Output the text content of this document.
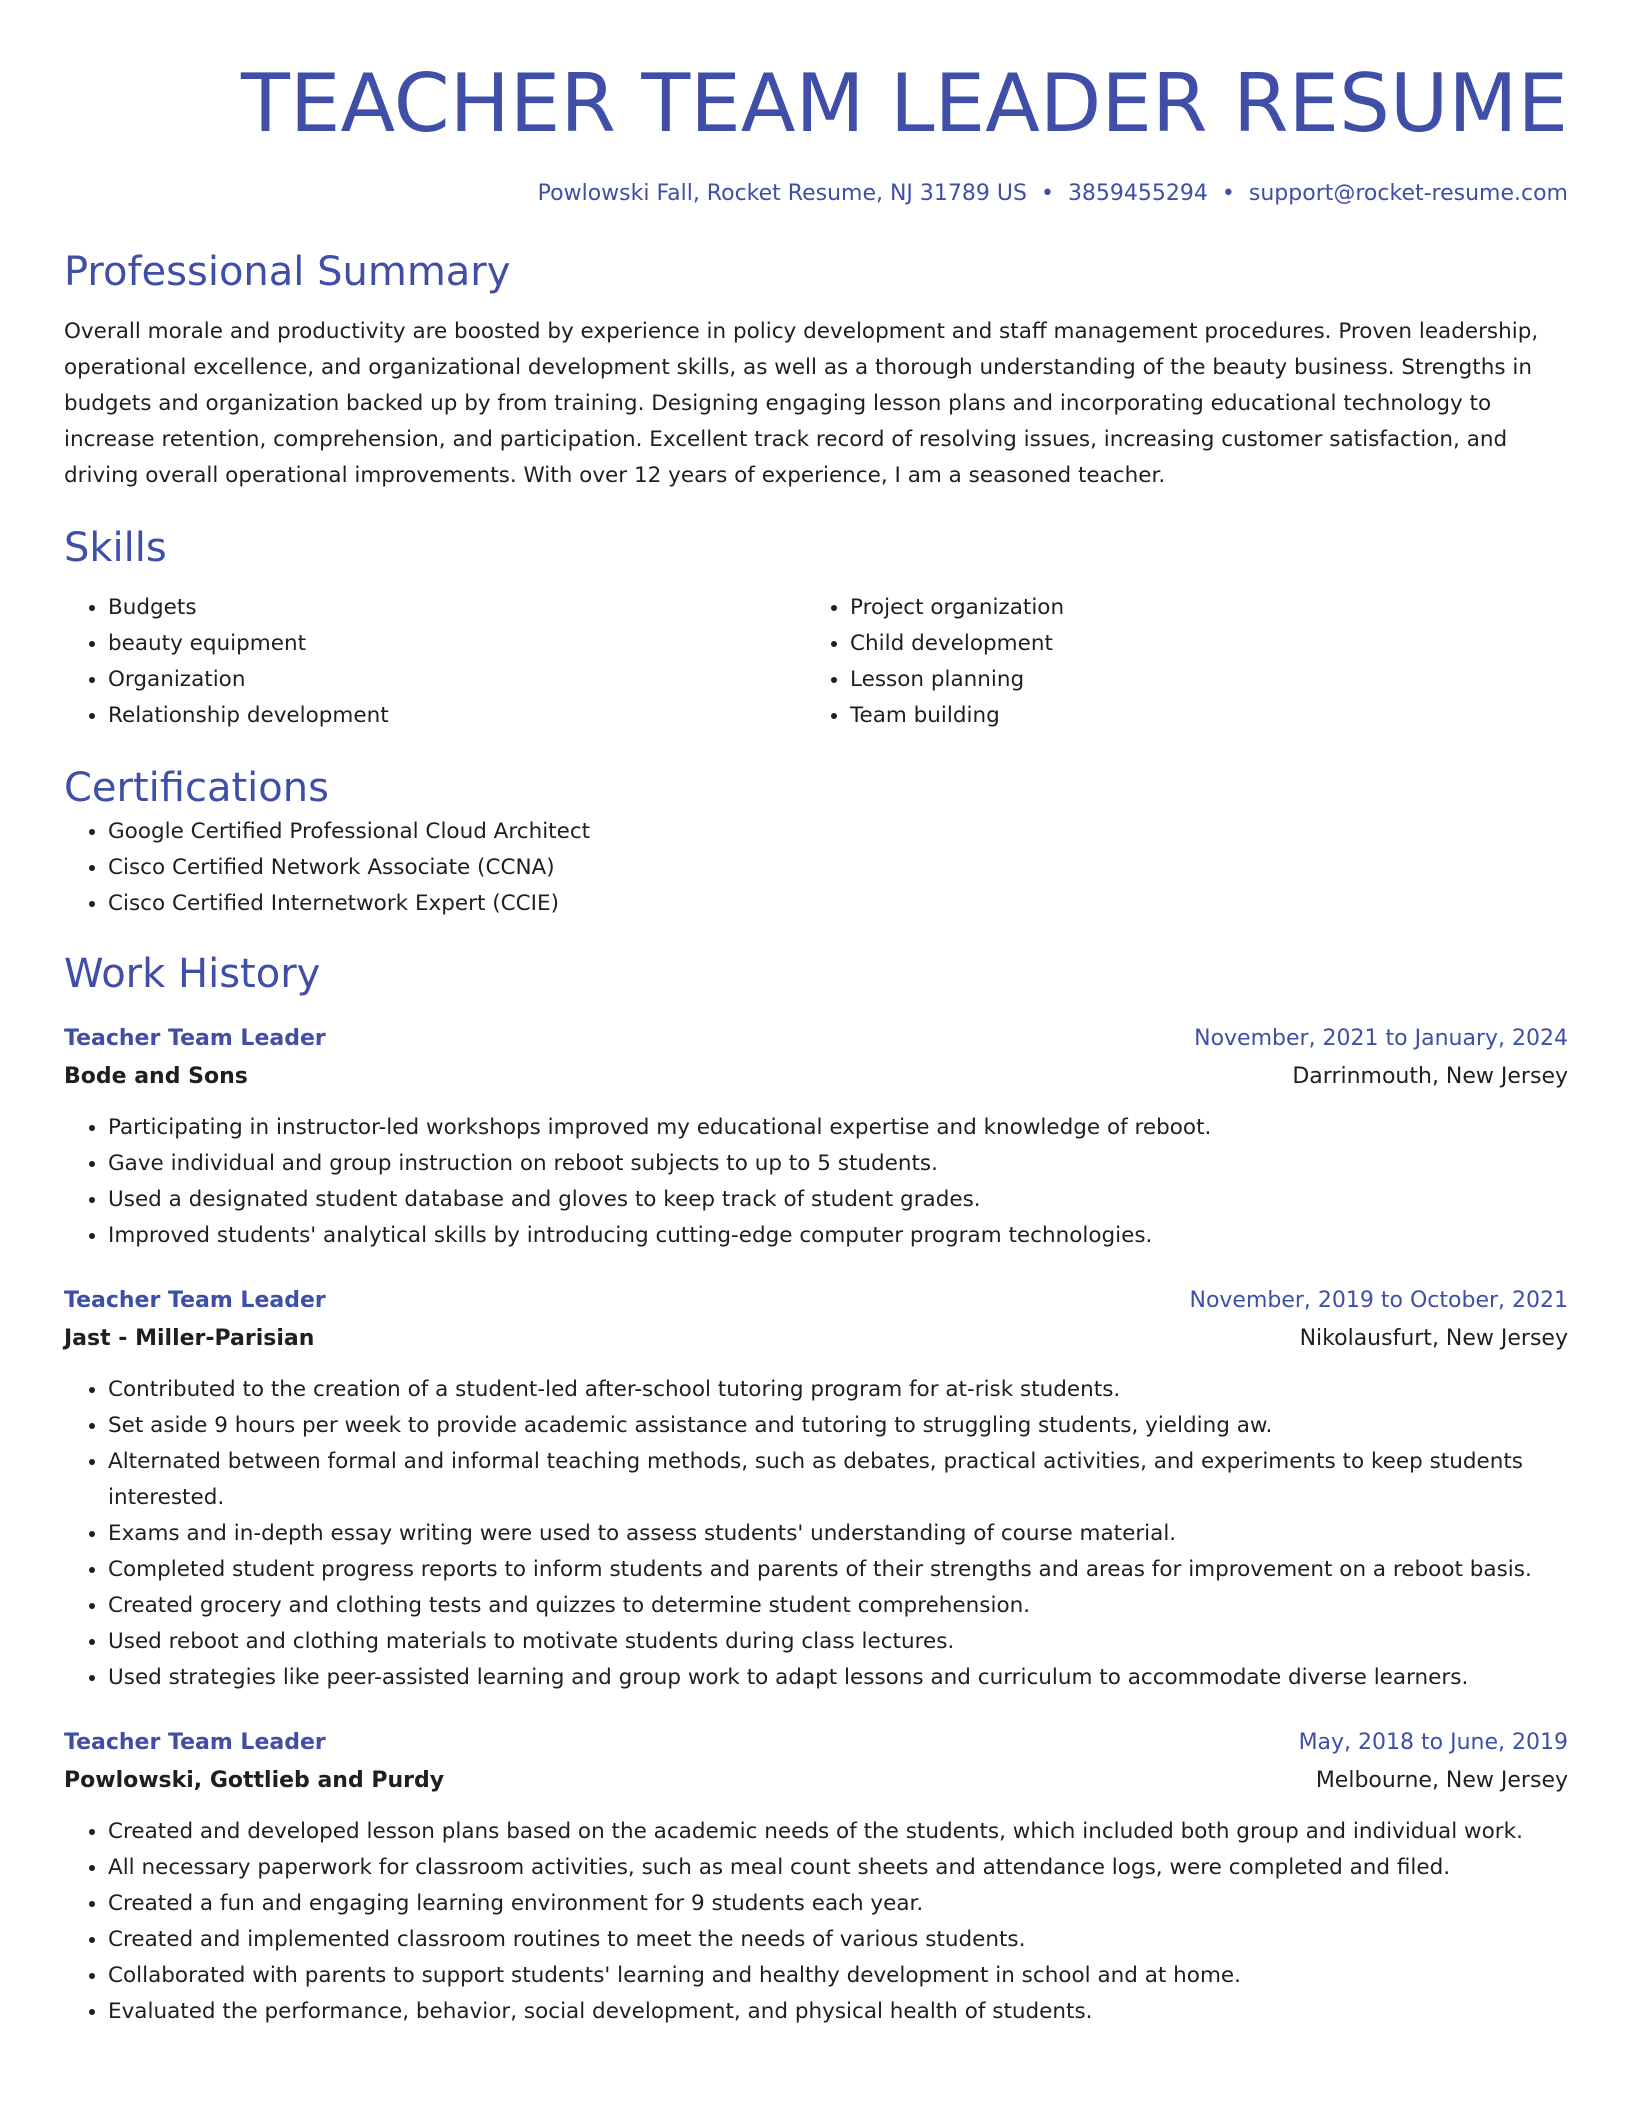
TEACHER TEAM LEADER RESUME
Powlowski Fall, Rocket Resume, NJ 31789 US • 3859455294 • support@rocket-resume.com
Professional Summary
Overall morale and productivity are boosted by experience in policy development and staff management procedures. Proven leadership, operational excellence, and organizational development skills, as well as a thorough understanding of the beauty business. Strengths in budgets and organization backed up by from training. Designing engaging lesson plans and incorporating educational technology to increase retention, comprehension, and participation. Excellent track record of resolving issues, increasing customer satisfaction, and driving overall operational improvements. With over 12 years of experience, I am a seasoned teacher.
Skills
• Budgets
• beauty equipment
• Organization
• Relationship development
• Project organization
• Child development
• Lesson planning
• Team building
Certifications
• Google Certified Professional Cloud Architect
• Cisco Certified Network Associate (CCNA)
• Cisco Certified Internetwork Expert (CCIE)
Work History
Teacher Team Leader	November, 2021 to January, 2024
Bode and Sons	Darrinmouth, New Jersey
• Participating in instructor-led workshops improved my educational expertise and knowledge of reboot.
• Gave individual and group instruction on reboot subjects to up to 5 students.
• Used a designated student database and gloves to keep track of student grades.
• Improved students' analytical skills by introducing cutting-edge computer program technologies.
Teacher Team Leader	November, 2019 to October, 2021
Jast - Miller-Parisian	Nikolausfurt, New Jersey
• Contributed to the creation of a student-led after-school tutoring program for at-risk students.
• Set aside 9 hours per week to provide academic assistance and tutoring to struggling students, yielding aw.
• Alternated between formal and informal teaching methods, such as debates, practical activities, and experiments to keep students interested.
• Exams and in-depth essay writing were used to assess students' understanding of course material.
• Completed student progress reports to inform students and parents of their strengths and areas for improvement on a reboot basis.
• Created grocery and clothing tests and quizzes to determine student comprehension.
• Used reboot and clothing materials to motivate students during class lectures.
• Used strategies like peer-assisted learning and group work to adapt lessons and curriculum to accommodate diverse learners.
Teacher Team Leader	May, 2018 to June, 2019
Powlowski, Gottlieb and Purdy	Melbourne, New Jersey
• Created and developed lesson plans based on the academic needs of the students, which included both group and individual work.
• All necessary paperwork for classroom activities, such as meal count sheets and attendance logs, were completed and filed.
• Created a fun and engaging learning environment for 9 students each year.
• Created and implemented classroom routines to meet the needs of various students.
• Collaborated with parents to support students' learning and healthy development in school and at home.
• Evaluated the performance, behavior, social development, and physical health of students.
